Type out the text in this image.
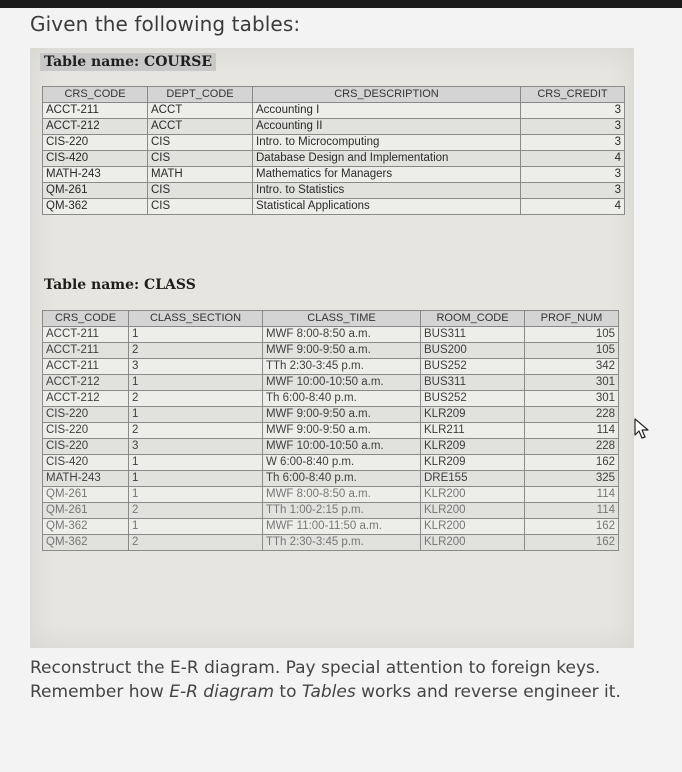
Given the following tables:
Table name: COURSE
CRS_CODE	DEPT_CODE	CRS_DESCRIPTION	CRS_CREDIT
ACCT-211	ACCT	Accounting I	3
ACCT-212	ACCT	Accounting II	3
CIS-220	CIS	Intro. to Microcomputing	3
CIS-420	CIS	Database Design and Implementation	4
MATH-243	MATH	Mathematics for Managers	3
QM-261	CIS	Intro. to Statistics	3
QM-362	CIS	Statistical Applications	4
Table name: CLASS
CRS_CODE	CLASS_SECTION	CLASS_TIME	ROOM_CODE	PROF_NUM
ACCT-211	1	MWF 8:00-8:50 a.m.	BUS311	105
ACCT-211	2	MWF 9:00-9:50 a.m.	BUS200	105
ACCT-211	3	TTh 2:30-3:45 p.m.	BUS252	342
ACCT-212	1	MWF 10:00-10:50 a.m.	BUS311	301
ACCT-212	2	Th 6:00-8:40 p.m.	BUS252	301
CIS-220	1	MWF 9:00-9:50 a.m.	KLR209	228
CIS-220	2	MWF 9:00-9:50 a.m.	KLR211	114
CIS-220	3	MWF 10:00-10:50 a.m.	KLR209	228
CIS-420	1	W 6:00-8:40 p.m.	KLR209	162
MATH-243	1	Th 6:00-8:40 p.m.	DRE155	325
QM-261	1	MWF 8:00-8:50 a.m.	KLR200	114
QM-261	2	TTh 1:00-2:15 p.m.	KLR200	114
QM-362	1	MWF 11:00-11:50 a.m.	KLR200	162
QM-362	2	TTh 2:30-3:45 p.m.	KLR200	162
Reconstruct the E-R diagram. Pay special attention to foreign keys. Remember how E-R diagram to Tables works and reverse engineer it.
